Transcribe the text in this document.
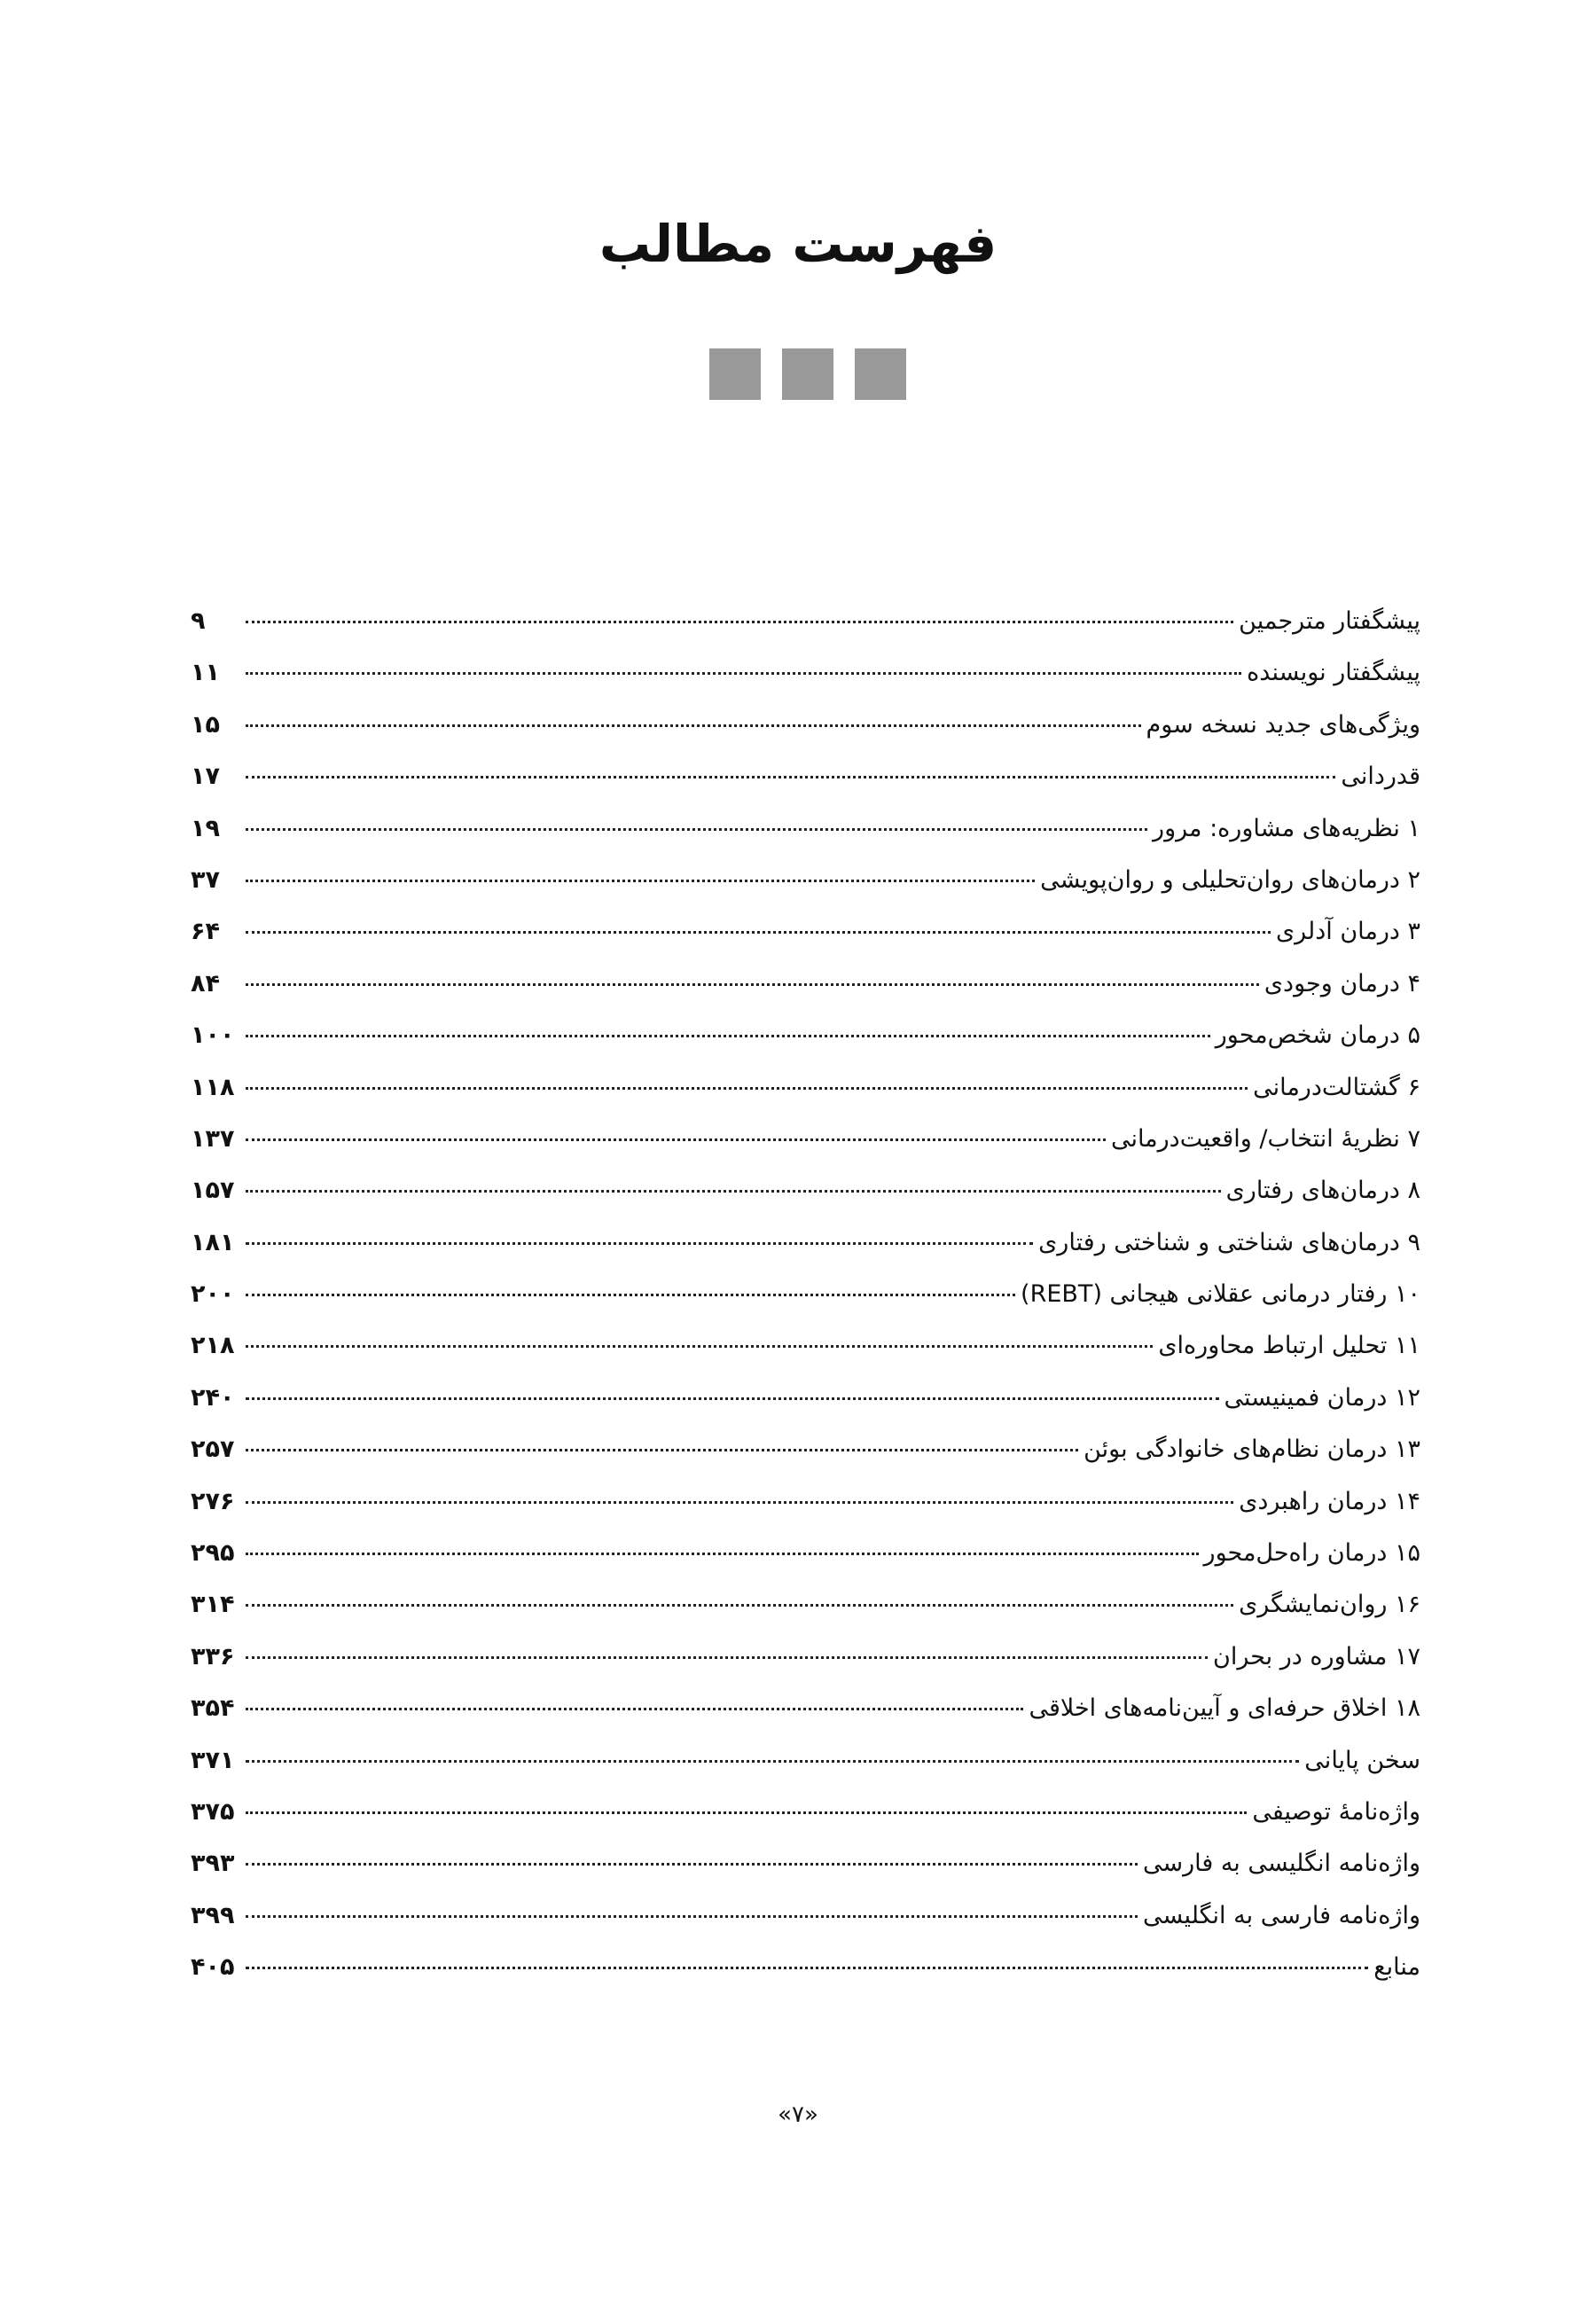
فهرست مطالب
پیشگفتار مترجمین
۹
پیشگفتار نویسنده
۱۱
ویژگی‌های جدید نسخه سوم
۱۵
قدردانی
۱۷
۱ نظریه‌های مشاوره: مرور
۱۹
۲ درمان‌های روان‌تحلیلی و روان‌پویشی
۳۷
۳ درمان آدلری
۶۴
۴ درمان وجودی
۸۴
۵ درمان شخص‌محور
۱۰۰
۶ گشتالت‌درمانی
۱۱۸
۷ نظریهٔ انتخاب/ واقعیت‌درمانی
۱۳۷
۸ درمان‌های رفتاری
۱۵۷
۹ درمان‌های شناختی و شناختی رفتاری
۱۸۱
۱۰ رفتار درمانی عقلانی هیجانی (REBT)
۲۰۰
۱۱ تحلیل ارتباط محاوره‌ای
۲۱۸
۱۲ درمان فمینیستی
۲۴۰
۱۳ درمان نظام‌های خانوادگی بوئن
۲۵۷
۱۴ درمان راهبردی
۲۷۶
۱۵ درمان راه‌حل‌محور
۲۹۵
۱۶ روان‌نمایشگری
۳۱۴
۱۷ مشاوره در بحران
۳۳۶
۱۸ اخلاق حرفه‌ای و آیین‌نامه‌های اخلاقی
۳۵۴
سخن پایانی
۳۷۱
واژه‌نامهٔ توصیفی
۳۷۵
واژه‌نامه انگلیسی به فارسی
۳۹۳
واژه‌نامه فارسی به انگلیسی
۳۹۹
منابع
۴۰۵
«۷»
